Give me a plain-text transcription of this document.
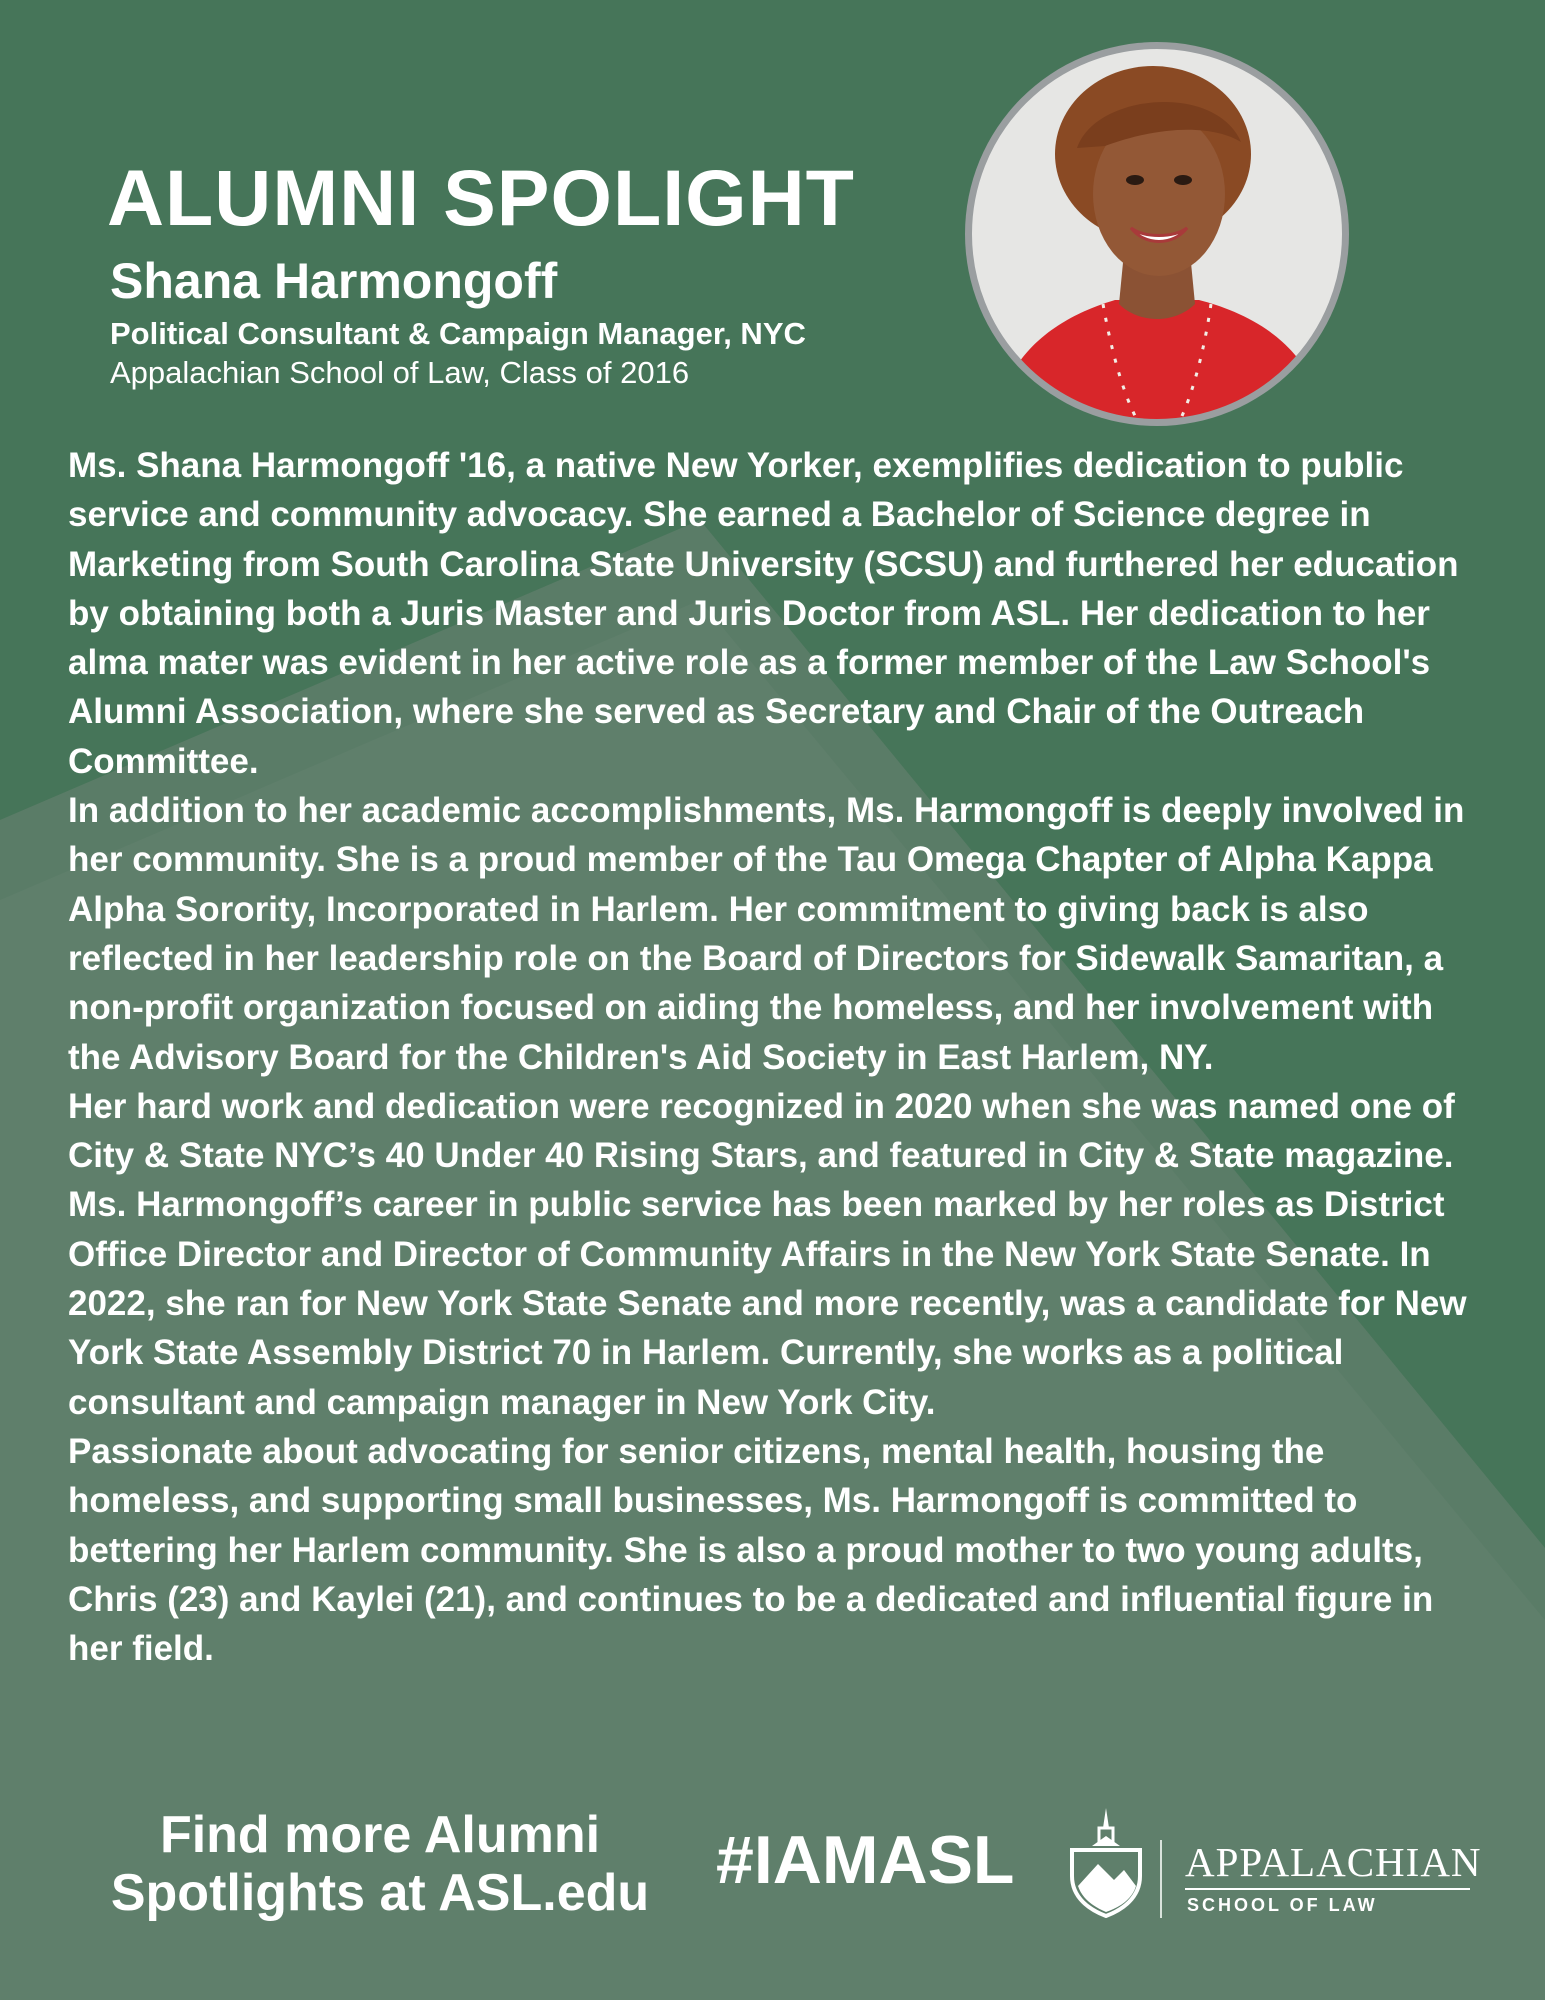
ALUMNI SPOLIGHT
Shana Harmongoff
Political Consultant & Campaign Manager, NYC
Appalachian School of Law, Class of 2016

Ms. Shana Harmongoff '16, a native New Yorker, exemplifies dedication to public service and community advocacy. She earned a Bachelor of Science degree in Marketing from South Carolina State University (SCSU) and furthered her education by obtaining both a Juris Master and Juris Doctor from ASL. Her dedication to her alma mater was evident in her active role as a former member of the Law School's Alumni Association, where she served as Secretary and Chair of the Outreach Committee.

In addition to her academic accomplishments, Ms. Harmongoff is deeply involved in her community. She is a proud member of the Tau Omega Chapter of Alpha Kappa Alpha Sorority, Incorporated in Harlem. Her commitment to giving back is also reflected in her leadership role on the Board of Directors for Sidewalk Samaritan, a non-profit organization focused on aiding the homeless, and her involvement with the Advisory Board for the Children's Aid Society in East Harlem, NY.

Her hard work and dedication were recognized in 2020 when she was named one of City & State NYC’s 40 Under 40 Rising Stars, and featured in City & State magazine. Ms. Harmongoff’s career in public service has been marked by her roles as District Office Director and Director of Community Affairs in the New York State Senate. In 2022, she ran for New York State Senate and more recently, was a candidate for New York State Assembly District 70 in Harlem. Currently, she works as a political consultant and campaign manager in New York City.

Passionate about advocating for senior citizens, mental health, housing the homeless, and supporting small businesses, Ms. Harmongoff is committed to bettering her Harlem community. She is also a proud mother to two young adults, Chris (23) and Kaylei (21), and continues to be a dedicated and influential figure in her field.

Find more Alumni
Spotlights at ASL.edu #IAMASL	APPALACHIAN
SCHOOL OF LAW
